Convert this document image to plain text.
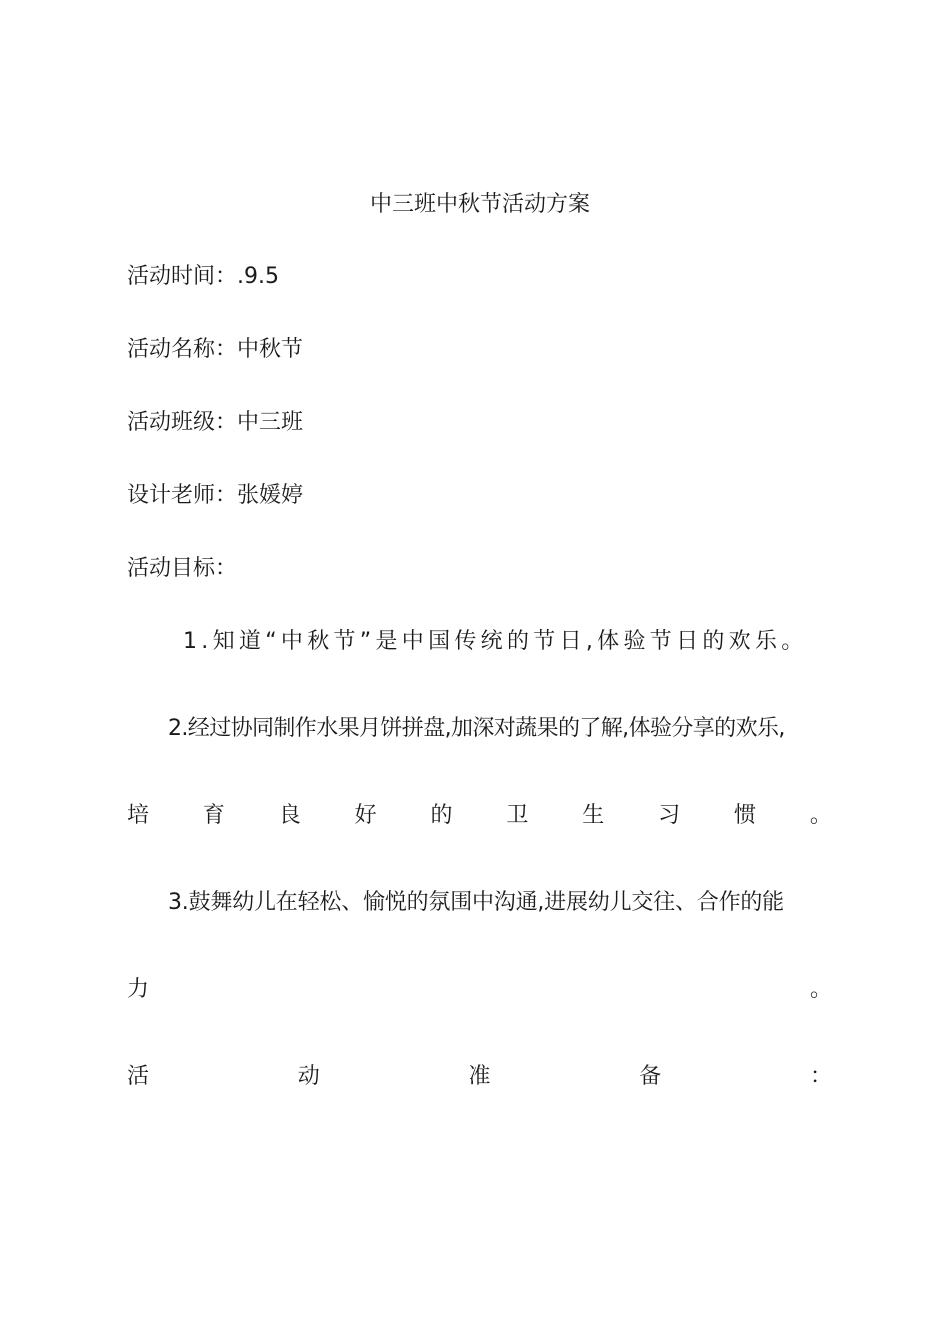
中三班中秋节活动方案
活动时间：.9.5
活动名称：中秋节
活动班级：中三班
设计老师：张媛婷
活动目标：
1.知道“中秋节”是中国传统的节日,体验节日的欢乐。
2.经过协同制作水果月饼拼盘,加深对蔬果的了解,体验分享的欢乐,
培 育 良 好 的 卫 生 习 惯 。
3.鼓舞幼儿在轻松、愉悦的氛围中沟通,进展幼儿交往、合作的能
力	。
活	动	准	备	：
